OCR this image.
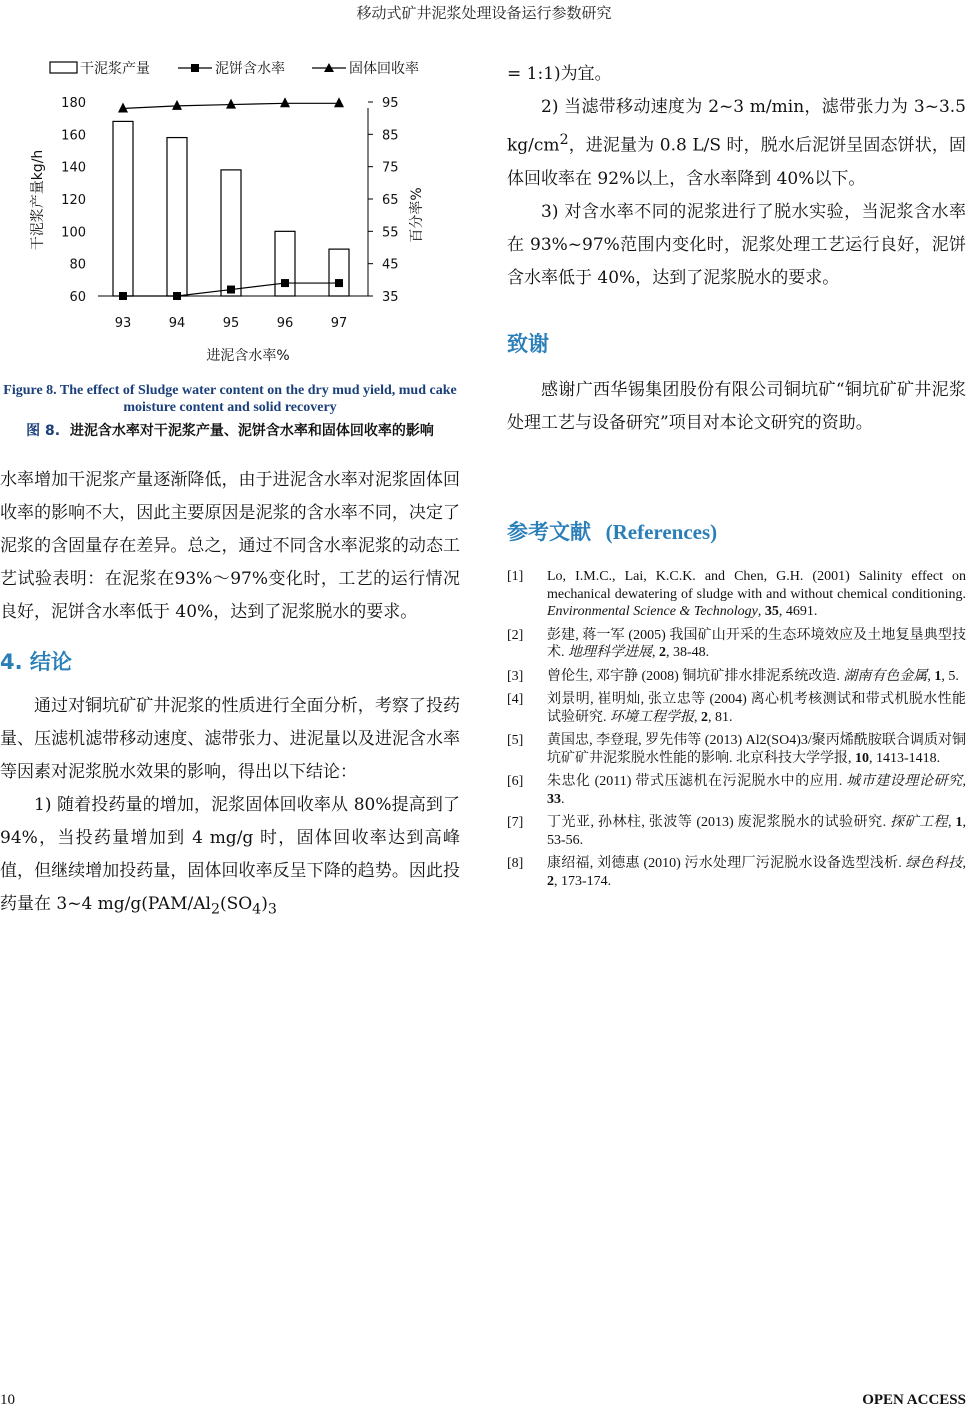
移动式矿井泥浆处理设备运行参数研究
干泥浆产量	泥饼含水率	固体回收率
60
80
100
120
140
160
180
35
45
55
65
75
85
95
93	94	95	96	97
进泥含水率%
干泥浆产量kg/h	百分率%
Figure 8. The effect of Sludge water content on the dry mud yield, mud cake moisture content and solid recovery
图 8. 进泥含水率对干泥浆产量、泥饼含水率和固体回收率的影响

水率增加干泥浆产量逐渐降低，由于进泥含水率对泥浆固体回收率的影响不大，因此主要原因是泥浆的含水率不同，决定了泥浆的含固量存在差异。总之，通过不同含水率泥浆的动态工艺试验表明：在泥浆在93%～97%变化时，工艺的运行情况良好，泥饼含水率低于 40%，达到了泥浆脱水的要求。

4. 结论

通过对铜坑矿矿井泥浆的性质进行全面分析，考察了投药量、压滤机滤带移动速度、滤带张力、进泥量以及进泥含水率等因素对泥浆脱水效果的影响，得出以下结论：

1) 随着投药量的增加，泥浆固体回收率从 80%提高到了 94%，当投药量增加到 4 mg/g 时，固体回收率达到高峰值，但继续增加投药量，固体回收率反呈下降的趋势。因此投药量在 3~4 $mg/g(PAM/Al_2(SO_4)_3$

= 1:1)为宜。

2) 当滤带移动速度为 2~3 m/min，滤带张力为 3~3.5 $kg/cm^2$，进泥量为 0.8 L/S 时，脱水后泥饼呈固态饼状，固体回收率在 92%以上，含水率降到 40%以下。

3) 对含水率不同的泥浆进行了脱水实验，当泥浆含水率在 93%~97%范围内变化时，泥浆处理工艺运行良好，泥饼含水率低于 40%，达到了泥浆脱水的要求。

致谢

感谢广西华锡集团股份有限公司铜坑矿“铜坑矿矿井泥浆处理工艺与设备研究”项目对本论文研究的资助。

参考文献 (References)
[1]	Lo, I.M.C., Lai, K.C.K. and Chen, G.H. (2001) Salinity effect on mechanical dewatering of sludge with and without chemical conditioning. Environmental Science & Technology, 35, 4691.
[2]	彭建, 蒋一军 (2005) 我国矿山开采的生态环境效应及土地复垦典型技术. 地理科学进展, 2, 38-48.
[3]	曾伦生, 邓宇静 (2008) 铜坑矿排水排泥系统改造. 湖南有色金属, 1, 5.
[4]	刘景明, 崔明灿, 张立忠等 (2004) 离心机考核测试和带式机脱水性能试验研究. 环境工程学报, 2, 81.
[5]	黄国忠, 李登琨, 罗先伟等 (2013) Al2(SO4)3/聚丙烯酰胺联合调质对铜坑矿矿井泥浆脱水性能的影响. 北京科技大学学报, 10, 1413-1418.
[6]	朱忠化 (2011) 带式压滤机在污泥脱水中的应用. 城市建设理论研究, 33.
[7]	丁光亚, 孙林柱, 张波等 (2013) 废泥浆脱水的试验研究. 探矿工程, 1, 53-56.
[8]	康绍福, 刘德惠 (2010) 污水处理厂污泥脱水设备选型浅析. 绿色科技, 2, 173-174.
10	OPEN ACCESS
